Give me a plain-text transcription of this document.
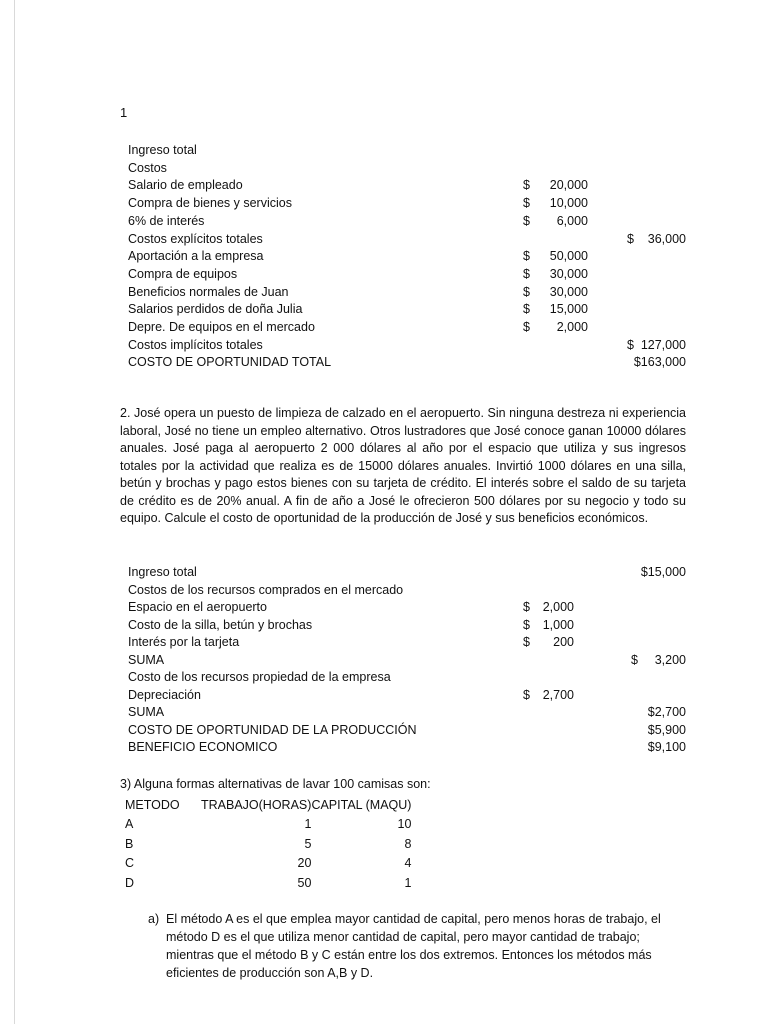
1
Ingreso total
Costos
Salario de empleado	$	20,000
Compra de bienes y servicios	$	10,000
6% de interés	$	6,000
Costos explícitos totales	$	36,000
Aportación a la empresa	$	50,000
Compra de equipos	$	30,000
Beneficios normales de Juan	$	30,000
Salarios perdidos de doña Julia	$	15,000
Depre. De equipos en el mercado	$	2,000
Costos implícitos totales	$ 127,000
COSTO DE OPORTUNIDAD TOTAL	$163,000
2. José opera un puesto de limpieza de calzado en el aeropuerto. Sin ninguna destreza ni experiencia laboral, José no tiene un empleo alternativo. Otros lustradores que José conoce ganan 10000 dólares anuales. José paga al aeropuerto 2 000 dólares al año por el espacio que utiliza y sus ingresos totales por la actividad que realiza es de 15000 dólares anuales. Invirtió 1000 dólares en una silla, betún y brochas y pago estos bienes con su tarjeta de crédito. El interés sobre el saldo de su tarjeta de crédito es de 20% anual. A fin de año a José le ofrecieron 500 dólares por su negocio y todo su equipo. Calcule el costo de oportunidad de la producción de José y sus beneficios económicos.
Ingreso total	$15,000
Costos de los recursos comprados en el mercado
Espacio en el aeropuerto	$	2,000
Costo de la silla, betún y brochas	$	1,000
Interés por la tarjeta	$	200
SUMA	$	3,200
Costo de los recursos propiedad de la empresa
Depreciación	$	2,700
SUMA	$2,700
COSTO DE OPORTUNIDAD DE LA PRODUCCIÓN	$5,900
BENEFICIO ECONOMICO	$9,100
3) Alguna formas alternativas de lavar 100 camisas son:
METODO	TRABAJO(HORAS)	CAPITAL (MAQU)
A	1	10
B	5	8
C	20	4
D	50	1
a) El método A es el que emplea mayor cantidad de capital, pero menos horas de trabajo, el método D es el que utiliza menor cantidad de capital, pero mayor cantidad de trabajo; mientras que el método B y C están entre los dos extremos. Entonces los métodos más eficientes de producción son A,B y D.
